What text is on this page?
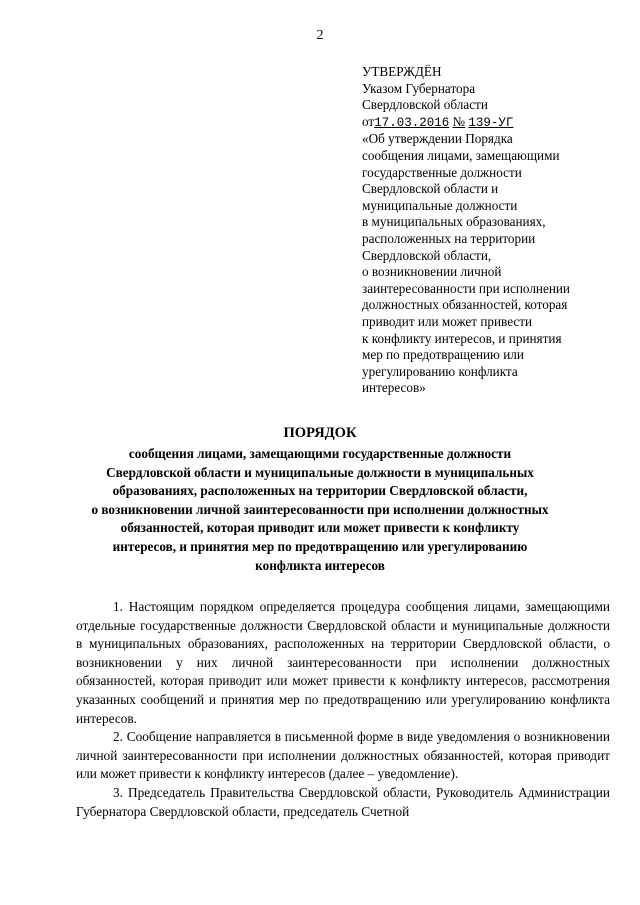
2
УТВЕРЖДЁН
Указом Губернатора
Свердловской области
от17.03.2016 № 139-УГ
«Об утверждении Порядка
сообщения лицами, замещающими
государственные должности
Свердловской области и
муниципальные должности
в муниципальных образованиях,
расположенных на территории
Свердловской области,
о возникновении личной
заинтересованности при исполнении
должностных обязанностей, которая
приводит или может привести
к конфликту интересов, и принятия
мер по предотвращению или
урегулированию конфликта
интересов»
ПОРЯДОК
сообщения лицами, замещающими государственные должности
Свердловской области и муниципальные должности в муниципальных
образованиях, расположенных на территории Свердловской области,
о возникновении личной заинтересованности при исполнении должностных
обязанностей, которая приводит или может привести к конфликту
интересов, и принятия мер по предотвращению или урегулированию
конфликта интересов

1. Настоящим порядком определяется процедура сообщения лицами, замещающими отдельные государственные должности Свердловской области и муниципальные должности в муниципальных образованиях, расположенных на территории Свердловской области, о возникновении у них личной заинтересованности при исполнении должностных обязанностей, которая приводит или может привести к конфликту интересов, рассмотрения указанных сообщений и принятия мер по предотвращению или урегулированию конфликта интересов.

2. Сообщение направляется в письменной форме в виде уведомления о возникновении личной заинтересованности при исполнении должностных обязанностей, которая приводит или может привести к конфликту интересов (далее – уведомление).

3. Председатель Правительства Свердловской области, Руководитель Администрации Губернатора Свердловской области, председатель Счетной
